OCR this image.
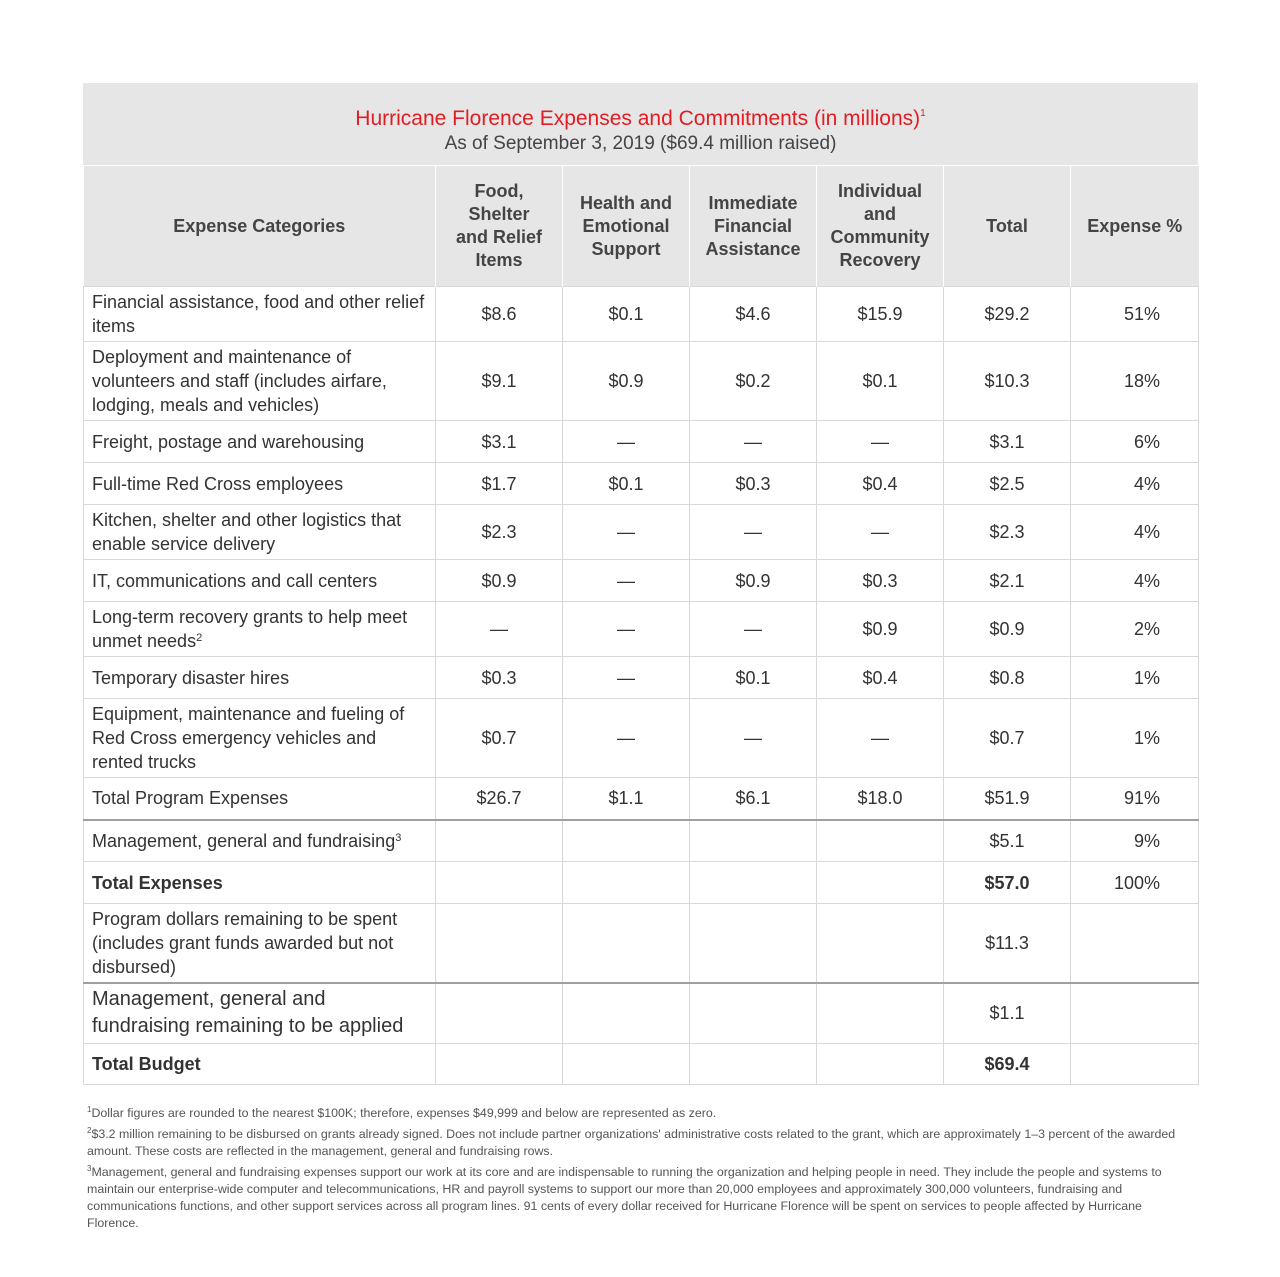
Hurricane Florence Expenses and Commitments (in millions)$^1$
As of September 3, 2019 ($69.4 million raised)
Expense Categories	Food, Shelter and Relief Items	Health and Emotional Support	Immediate Financial Assistance	Individual and Community Recovery	Total	Expense %
Financial assistance, food and other relief items	$8.6	$0.1	$4.6	$15.9	$29.2	51%
Deployment and maintenance of volunteers and staff (includes airfare, lodging, meals and vehicles)	$9.1	$0.9	$0.2	$0.1	$10.3	18%
Freight, postage and warehousing	$3.1	—	—	—	$3.1	6%
Full-time Red Cross employees	$1.7	$0.1	$0.3	$0.4	$2.5	4%
Kitchen, shelter and other logistics that enable service delivery	$2.3	—	—	—	$2.3	4%
IT, communications and call centers	$0.9	—	$0.9	$0.3	$2.1	4%
Long-term recovery grants to help meet unmet needs$^2$	—	—	—	$0.9	$0.9	2%
Temporary disaster hires	$0.3	—	$0.1	$0.4	$0.8	1%
Equipment, maintenance and fueling of Red Cross emergency vehicles and rented trucks	$0.7	—	—	—	$0.7	1%
Total Program Expenses	$26.7	$1.1	$6.1	$18.0	$51.9	91%
Management, general and fundraising$^3$					$5.1	9%
Total Expenses					$57.0	100%
Program dollars remaining to be spent (includes grant funds awarded but not disbursed)					$11.3	
Management, general and fundraising remaining to be applied					$1.1	
Total Budget					$69.4	

$^1$Dollar figures are rounded to the nearest $100K; therefore, expenses $49,999 and below are represented as zero.

$^2$\$3.2 million remaining to be disbursed on grants already signed. Does not include partner organizations' administrative costs related to the grant, which are approximately 1–3 percent of the awarded amount. These costs are reflected in the management, general and fundraising rows.

$^3$Management, general and fundraising expenses support our work at its core and are indispensable to running the organization and helping people in need. They include the people and systems to maintain our enterprise-wide computer and telecommunications, HR and payroll systems to support our more than 20,000 employees and approximately 300,000 volunteers, fundraising and communications functions, and other support services across all program lines. 91 cents of every dollar received for Hurricane Florence will be spent on services to people affected by Hurricane Florence.
